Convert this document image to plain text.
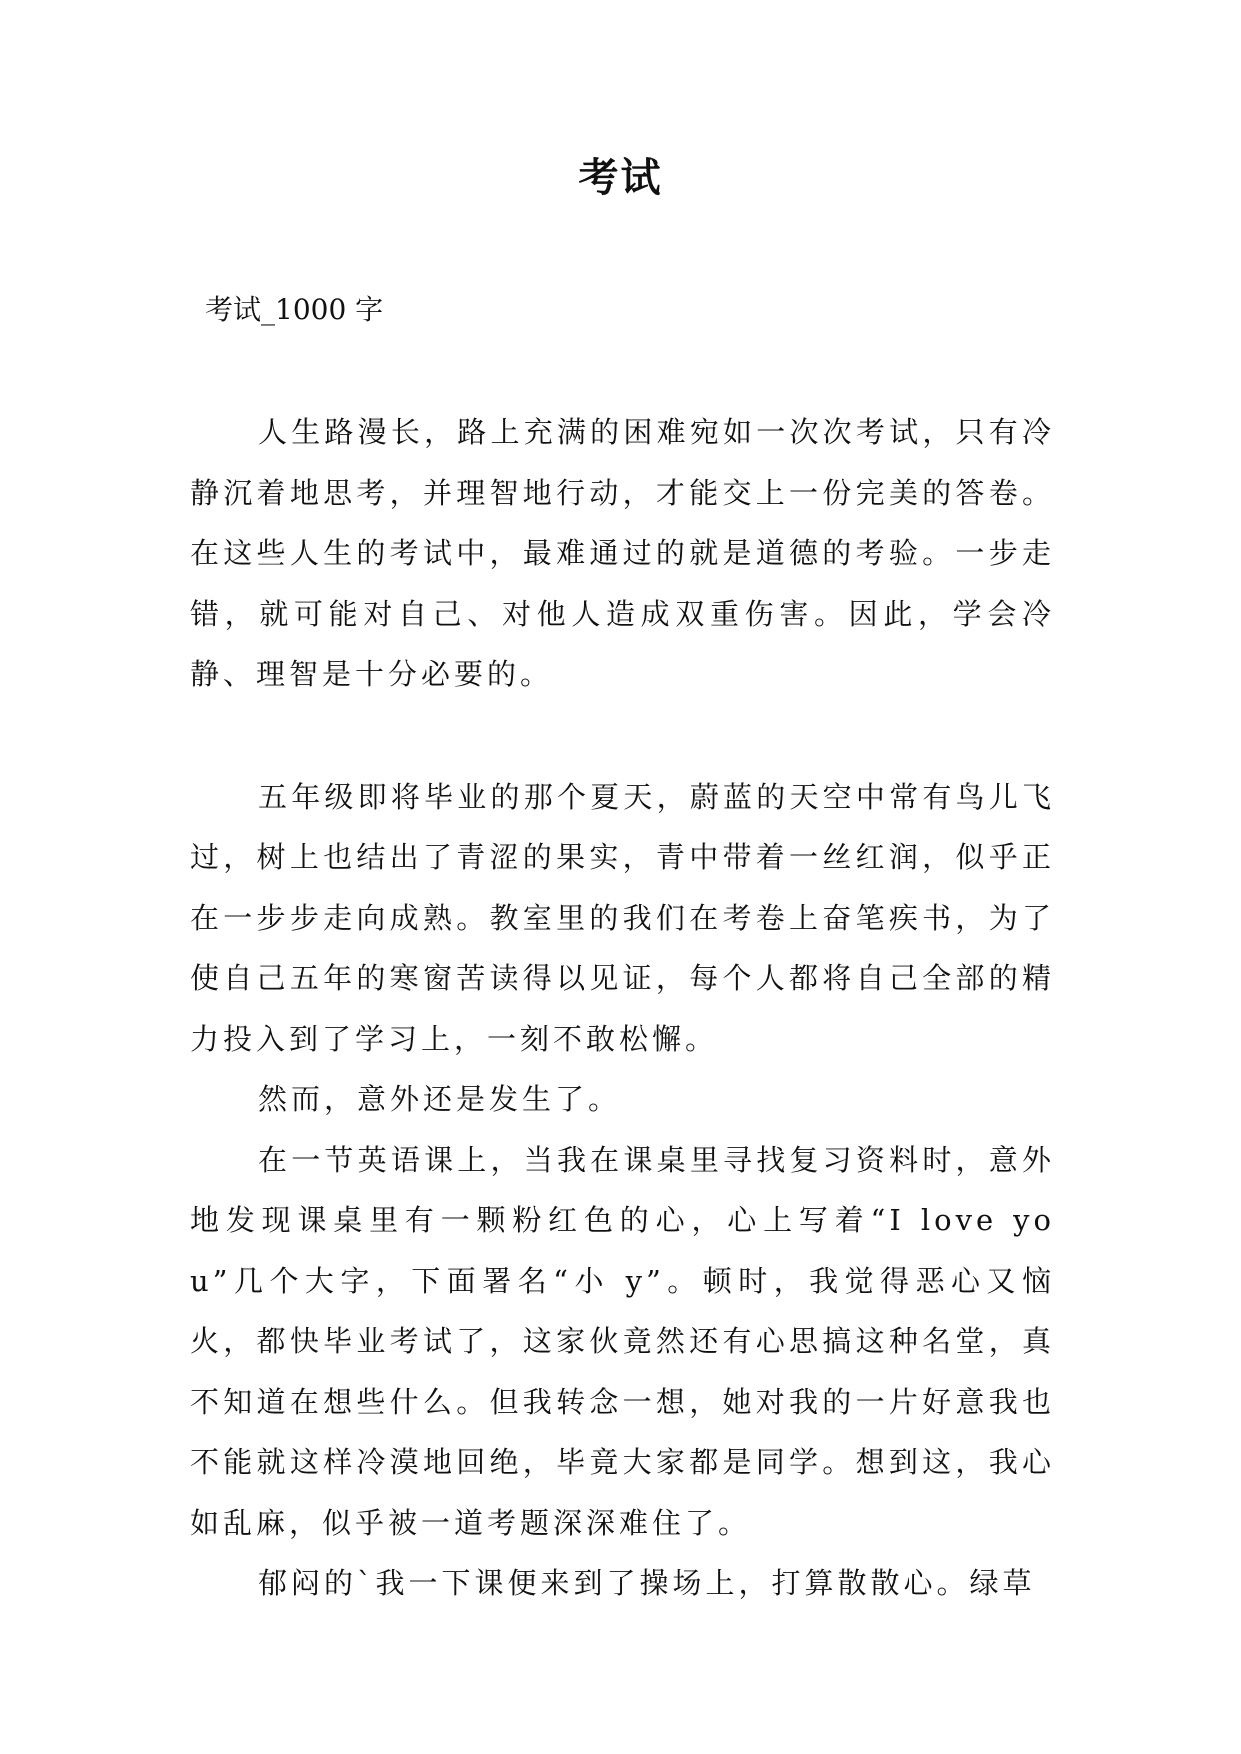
考试
考试_1000 字

人生路漫长，路上充满的困难宛如一次次考试，只有冷静沉着地思考，并理智地行动，才能交上一份完美的答卷。在这些人生的考试中，最难通过的就是道德的考验。一步走错，就可能对自己、对他人造成双重伤害。因此，学会冷静、理智是十分必要的。

五年级即将毕业的那个夏天，蔚蓝的天空中常有鸟儿飞过，树上也结出了青涩的果实，青中带着一丝红润，似乎正在一步步走向成熟。教室里的我们在考卷上奋笔疾书，为了使自己五年的寒窗苦读得以见证，每个人都将自己全部的精力投入到了学习上，一刻不敢松懈。

然而，意外还是发生了。

在一节英语课上，当我在课桌里寻找复习资料时，意外地发现课桌里有一颗粉红色的心，心上写着“I love you”几个大字，下面署名“小 y”。顿时，我觉得恶心又恼火，都快毕业考试了，这家伙竟然还有心思搞这种名堂，真不知道在想些什么。但我转念一想，她对我的一片好意我也不能就这样冷漠地回绝，毕竟大家都是同学。想到这，我心如乱麻，似乎被一道考题深深难住了。

郁闷的`我一下课便来到了操场上，打算散散心。绿草
